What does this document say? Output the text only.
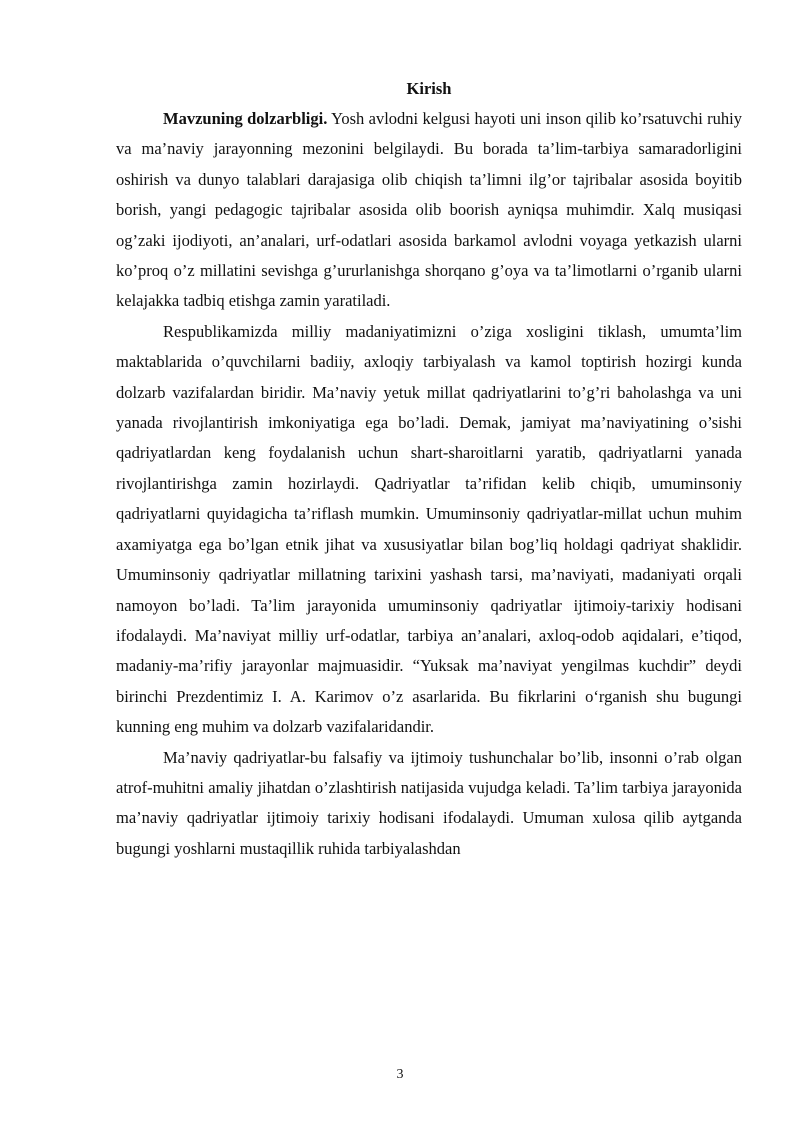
Kirish

Mavzuning dolzarbligi. Yosh avlodni kelgusi hayoti uni inson qilib ko’rsatuvchi ruhiy va ma’naviy jarayonning mezonini belgilaydi. Bu borada ta’lim-tarbiya samaradorligini oshirish va dunyo talablari darajasiga olib chiqish ta’limni ilg’or tajribalar asosida boyitib borish, yangi pedagogic tajribalar asosida olib boorish ayniqsa muhimdir. Xalq musiqasi og’zaki ijodiyoti, an’analari, urf-odatlari asosida barkamol avlodni voyaga yetkazish ularni ko’proq o’z millatini sevishga g’ururlanishga shorqano g’oya va ta’limotlarni o’rganib ularni kelajakka tadbiq etishga zamin yaratiladi.

Respublikamizda milliy madaniyatimizni o’ziga xosligini tiklash, umumta’lim maktablarida o’quvchilarni badiiy, axloqiy tarbiyalash va kamol toptirish hozirgi kunda dolzarb vazifalardan biridir. Ma’naviy yetuk millat qadriyatlarini to’g’ri baholashga va uni yanada rivojlantirish imkoniyatiga ega bo’ladi. Demak, jamiyat ma’naviyatining o’sishi qadriyatlardan keng foydalanish uchun shart-sharoitlarni yaratib, qadriyatlarni yanada rivojlantirishga zamin hozirlaydi. Qadriyatlar ta’rifidan kelib chiqib, umuminsoniy qadriyatlarni quyidagicha ta’riflash mumkin. Umuminsoniy qadriyatlar-millat uchun muhim axamiyatga ega bo’lgan etnik jihat va xususiyatlar bilan bog’liq holdagi qadriyat shaklidir. Umuminsoniy qadriyatlar millatning tarixini yashash tarsi, ma’naviyati, madaniyati orqali namoyon bo’ladi. Ta’lim jarayonida umuminsoniy qadriyatlar ijtimoiy-tarixiy hodisani ifodalaydi. Ma’naviyat milliy urf-odatlar, tarbiya an’analari, axloq-odob aqidalari, e’tiqod, madaniy-ma’rifiy jarayonlar majmuasidir. “Yuksak ma’naviyat yengilmas kuchdir” deydi birinchi Prezdentimiz I. A. Karimov o’z asarlarida. Bu fikrlarini o‘rganish shu bugungi kunning eng muhim va dolzarb vazifalaridandir.

Ma’naviy qadriyatlar-bu falsafiy va ijtimoiy tushunchalar bo’lib, insonni o’rab olgan atrof-muhitni amaliy jihatdan o’zlashtirish natijasida vujudga keladi. Ta’lim tarbiya jarayonida ma’naviy qadriyatlar ijtimoiy tarixiy hodisani ifodalaydi. Umuman xulosa qilib aytganda bugungi yoshlarni mustaqillik ruhida tarbiyalashdan

3
